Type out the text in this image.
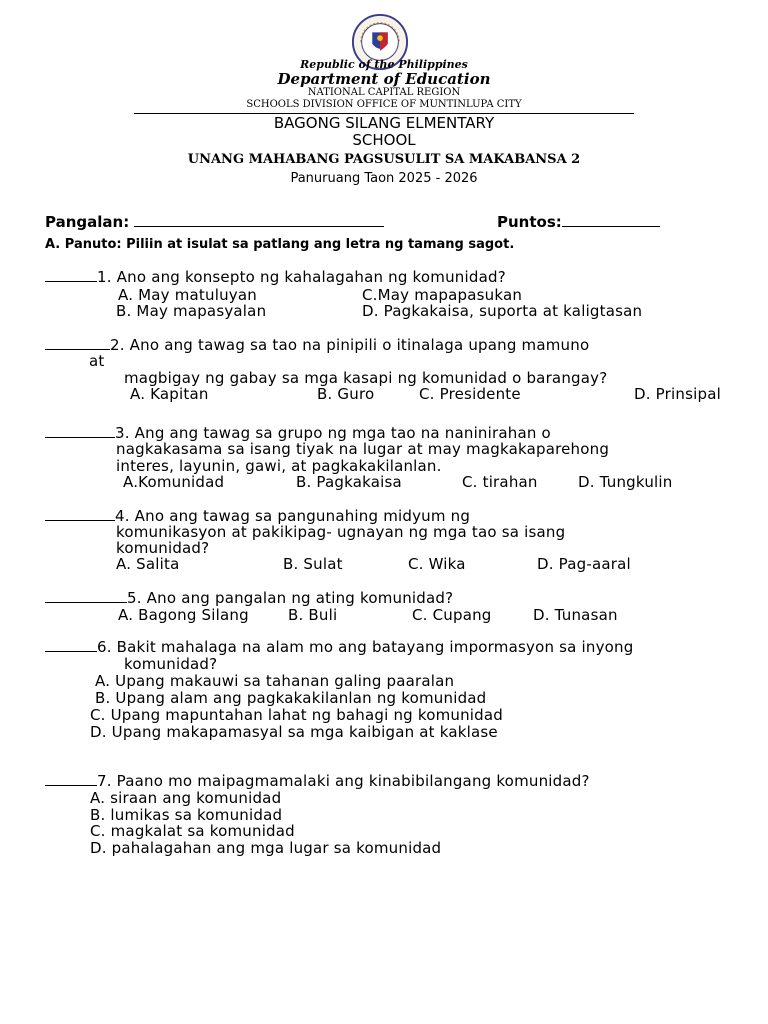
Republic of the Philippines
Department of Education
NATIONAL CAPITAL REGION
SCHOOLS DIVISION OFFICE OF MUNTINLUPA CITY
BAGONG SILANG ELMENTARY
SCHOOL
UNANG MAHABANG PAGSUSULIT SA MAKABANSA 2
Panuruang Taon 2025 - 2026
Pangalan:	Puntos:
A. Panuto: Piliin at isulat sa patlang ang letra ng tamang sagot.
1. Ano ang konsepto ng kahalagahan ng komunidad?
A. May matuluyan	C.May mapapasukan
B. May mapasyalan	D. Pagkakaisa, suporta at kaligtasan
2. Ano ang tawag sa tao na pinipili o itinalaga upang mamuno
at
magbigay ng gabay sa mga kasapi ng komunidad o barangay?
A. Kapitan	B. Guro	C. Presidente	D. Prinsipal
3. Ang ang tawag sa grupo ng mga tao na naninirahan o
nagkakasama sa isang tiyak na lugar at may magkakaparehong
interes, layunin, gawi, at pagkakakilanlan.
A.Komunidad	B. Pagkakaisa	C. tirahan	D. Tungkulin
4. Ano ang tawag sa pangunahing midyum ng
komunikasyon at pakikipag- ugnayan ng mga tao sa isang
komunidad?
A. Salita	B. Sulat	C. Wika	D. Pag-aaral
5. Ano ang pangalan ng ating komunidad?
A. Bagong Silang	B. Buli	C. Cupang	D. Tunasan
6. Bakit mahalaga na alam mo ang batayang impormasyon sa inyong
komunidad?
A. Upang makauwi sa tahanan galing paaralan
B. Upang alam ang pagkakakilanlan ng komunidad
C. Upang mapuntahan lahat ng bahagi ng komunidad
D. Upang makapamasyal sa mga kaibigan at kaklase
7. Paano mo maipagmamalaki ang kinabibilangang komunidad?
A. siraan ang komunidad
B. lumikas sa komunidad
C. magkalat sa komunidad
D. pahalagahan ang mga lugar sa komunidad
